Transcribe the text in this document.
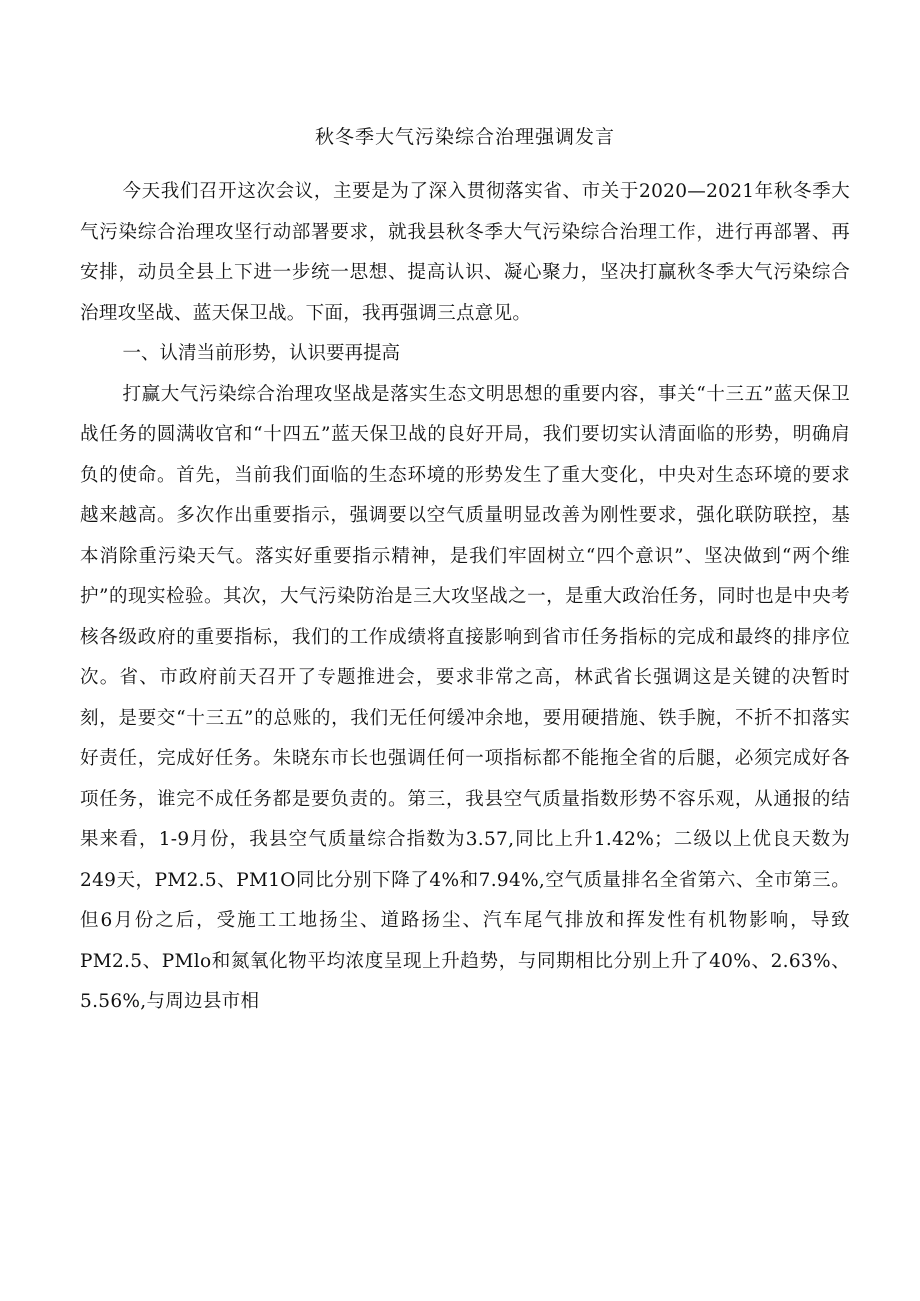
秋冬季大气污染综合治理强调发言

今天我们召开这次会议，主要是为了深入贯彻落实省、市关于2020—2021年秋冬季大气污染综合治理攻坚行动部署要求，就我县秋冬季大气污染综合治理工作，进行再部署、再安排，动员全县上下进一步统一思想、提高认识、凝心聚力，坚决打赢秋冬季大气污染综合治理攻坚战、蓝天保卫战。下面，我再强调三点意见。

一、认清当前形势，认识要再提高

打赢大气污染综合治理攻坚战是落实生态文明思想的重要内容，事关“十三五”蓝天保卫战任务的圆满收官和“十四五”蓝天保卫战的良好开局，我们要切实认清面临的形势，明确肩负的使命。首先，当前我们面临的生态环境的形势发生了重大变化，中央对生态环境的要求越来越高。多次作出重要指示，强调要以空气质量明显改善为刚性要求，强化联防联控，基本消除重污染天气。落实好重要指示精神，是我们牢固树立“四个意识”、坚决做到“两个维护”的现实检验。其次，大气污染防治是三大攻坚战之一，是重大政治任务，同时也是中央考核各级政府的重要指标，我们的工作成绩将直接影响到省市任务指标的完成和最终的排序位次。省、市政府前天召开了专题推进会，要求非常之高，林武省长强调这是关键的决暂时刻，是要交“十三五”的总账的，我们无任何缓冲余地，要用硬措施、铁手腕，不折不扣落实好责任，完成好任务。朱晓东市长也强调任何一项指标都不能拖全省的后腿，必须完成好各项任务，谁完不成任务都是要负责的。第三，我县空气质量指数形势不容乐观，从通报的结果来看，1-9月份，我县空气质量综合指数为3.57,同比上升1.42%；二级以上优良天数为249天，PM2.5、PM1O同比分别下降了4%和7.94%,空气质量排名全省第六、全市第三。但6月份之后，受施工工地扬尘、道路扬尘、汽车尾气排放和挥发性有机物影响，导致PM2.5、PMlo和氮氧化物平均浓度呈现上升趋势，与同期相比分别上升了40%、2.63%、5.56%,与周边县市相
